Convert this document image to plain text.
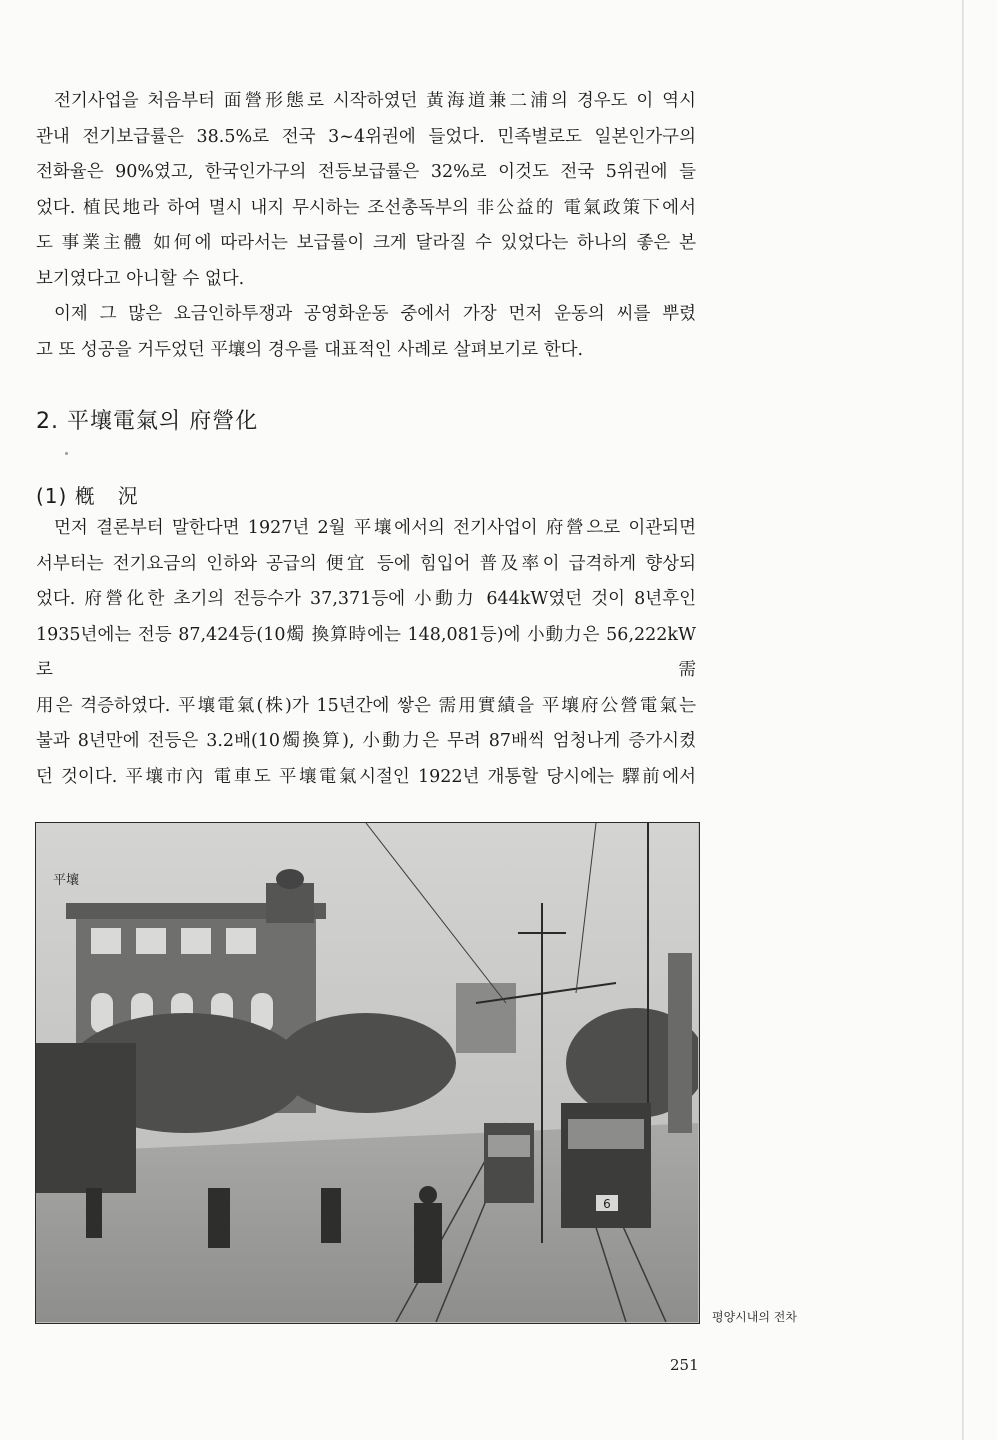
전기사업을 처음부터 面營形態로 시작하였던 黃海道兼二浦의 경우도 이 역시
관내 전기보급률은 38.5%로 전국 3~4위권에 들었다. 민족별로도 일본인가구의
전화율은 90%였고, 한국인가구의 전등보급률은 32%로 이것도 전국 5위권에 들
었다. 植民地라 하여 멸시 내지 무시하는 조선총독부의 非公益的 電氣政策下에서
도 事業主體 如何에 따라서는 보급률이 크게 달라질 수 있었다는 하나의 좋은 본

보기였다고 아니할 수 없다.

이제 그 많은 요금인하투쟁과 공영화운동 중에서 가장 먼저 운동의 씨를 뿌렸

고 또 성공을 거두었던 平壤의 경우를 대표적인 사례로 살펴보기로 한다.

2. 平壤電氣의 府營化
(1) 槪 況

먼저 결론부터 말한다면 1927년 2월 平壤에서의 전기사업이 府營으로 이관되면
서부터는 전기요금의 인하와 공급의 便宜 등에 힘입어 普及率이 급격하게 향상되
었다. 府營化한 초기의 전등수가 37,371등에 小動力 644kW였던 것이 8년후인
1935년에는 전등 87,424등(10燭 換算時에는 148,081등)에 小動力은 56,222kW로 需
用은 격증하였다. 平壤電氣(株)가 15년간에 쌓은 需用實績을 平壤府公營電氣는
불과 8년만에 전등은 3.2배(10燭換算), 小動力은 무려 87배씩 엄청나게 증가시켰
던 것이다. 平壤市內 電車도 平壤電氣시절인 1922년 개통할 당시에는 驛前에서

6
平壤
평양시내의 전차
251
